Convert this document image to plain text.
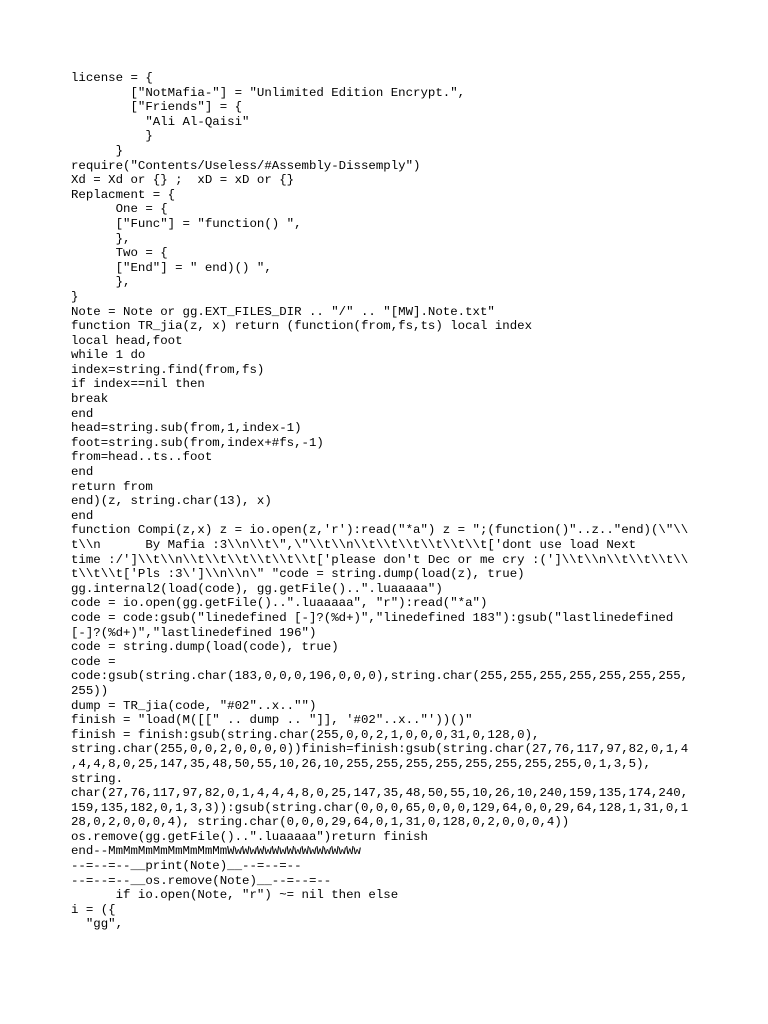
license = {
["NotMafia-"] = "Unlimited Edition Encrypt.",
["Friends"] = {
"Ali Al-Qaisi"
}
}
require("Contents/Useless/#Assembly-Dissemply")
Xd = Xd or {} ;  xD = xD or {}
Replacment = {
One = {
["Func"] = "function() ",
},
Two = {
["End"] = " end)() ",
},
}
Note = Note or gg.EXT_FILES_DIR .. "/" .. "[MW].Note.txt"
function TR_jia(z, x) return (function(from,fs,ts) local index
local head,foot
while 1 do
index=string.find(from,fs)
if index==nil then
break
end
head=string.sub(from,1,index-1)
foot=string.sub(from,index+#fs,-1)
from=head..ts..foot
end
return from
end)(z, string.char(13), x)
end
function Compi(z,x) z = io.open(z,'r'):read("*a") z = ";(function()"..z.."end)(\"\\
t\\n      By Mafia :3\\n\\t\",\"\\t\\n\\t\\t\\t\\t\\t\\t['dont use load Next
time :/']\\t\\n\\t\\t\\t\\t\\t\\t['please don't Dec or me cry :(']\\t\\n\\t\\t\\t\\
t\\t\\t['Pls :3\']\\n\\n\" "code = string.dump(load(z), true)
gg.internal2(load(code), gg.getFile()..".luaaaaa")
code = io.open(gg.getFile()..".luaaaaa", "r"):read("*a")
code = code:gsub("linedefined [-]?(%d+)","linedefined 183"):gsub("lastlinedefined
[-]?(%d+)","lastlinedefined 196")
code = string.dump(load(code), true)
code =
code:gsub(string.char(183,0,0,0,196,0,0,0),string.char(255,255,255,255,255,255,255,
255))
dump = TR_jia(code, "#02"..x.."")
finish = "load(M([[" .. dump .. "]], '#02"..x.."'))()"
finish = finish:gsub(string.char(255,0,0,2,1,0,0,0,31,0,128,0),
string.char(255,0,0,2,0,0,0,0))finish=finish:gsub(string.char(27,76,117,97,82,0,1,4
,4,4,8,0,25,147,35,48,50,55,10,26,10,255,255,255,255,255,255,255,255,0,1,3,5),
string.
char(27,76,117,97,82,0,1,4,4,4,8,0,25,147,35,48,50,55,10,26,10,240,159,135,174,240,
159,135,182,0,1,3,3)):gsub(string.char(0,0,0,65,0,0,0,129,64,0,0,29,64,128,1,31,0,1
28,0,2,0,0,0,4), string.char(0,0,0,29,64,0,1,31,0,128,0,2,0,0,0,4))
os.remove(gg.getFile()..".luaaaaa")return finish
end--MmMmMmMmMmMmMmMmWwWwWwWwWwWwWwWwWw
--=--=--__print(Note)__--=--=--
--=--=--__os.remove(Note)__--=--=--
if io.open(Note, "r") ~= nil then else
i = ({
"gg",
